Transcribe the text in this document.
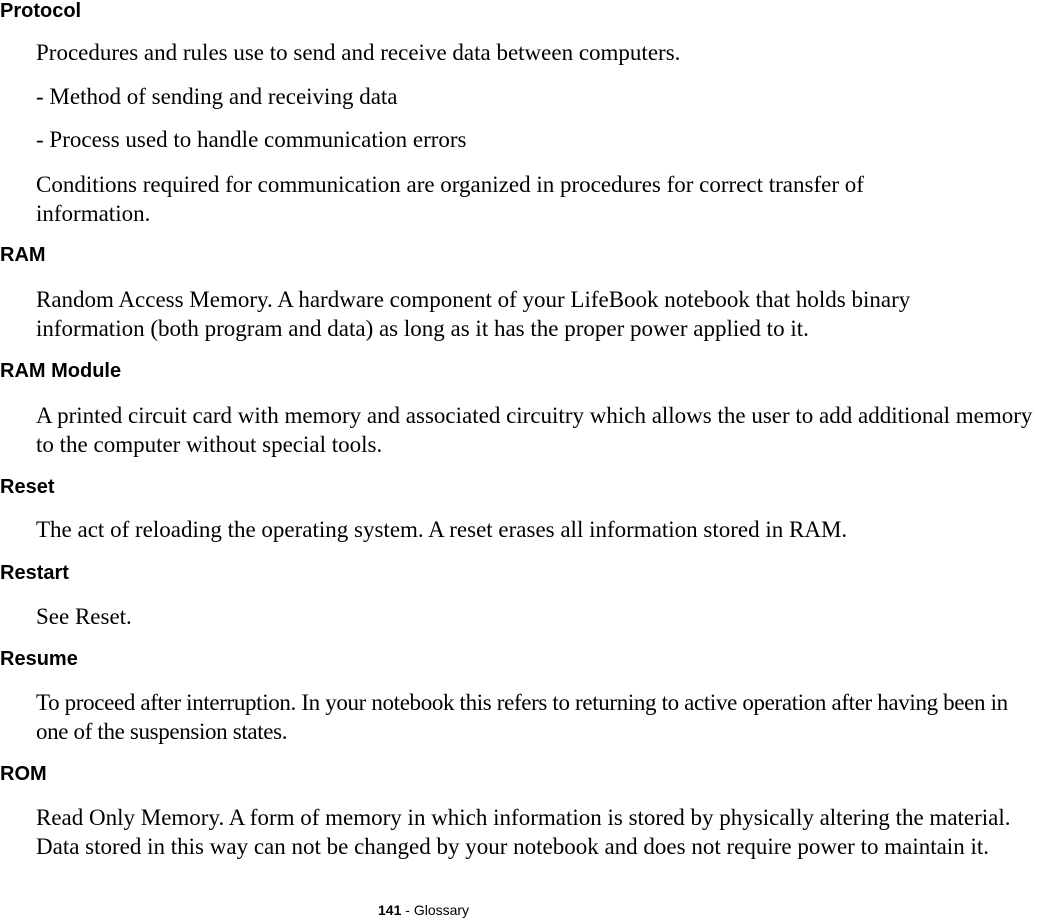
Protocol

Procedures and rules use to send and receive data between computers.

- Method of sending and receiving data

- Process used to handle communication errors

Conditions required for communication are organized in procedures for correct transfer of information.

RAM

Random Access Memory. A hardware component of your LifeBook notebook that holds binary information (both program and data) as long as it has the proper power applied to it.

RAM Module

A printed circuit card with memory and associated circuitry which allows the user to add additional memory to the computer without special tools.

Reset

The act of reloading the operating system. A reset erases all information stored in RAM.

Restart

See Reset.

Resume

To proceed after interruption. In your notebook this refers to returning to active operation after having been in one of the suspension states.

ROM

Read Only Memory. A form of memory in which information is stored by physically altering the material. Data stored in this way can not be changed by your notebook and does not require power to maintain it.

141 - Glossary
